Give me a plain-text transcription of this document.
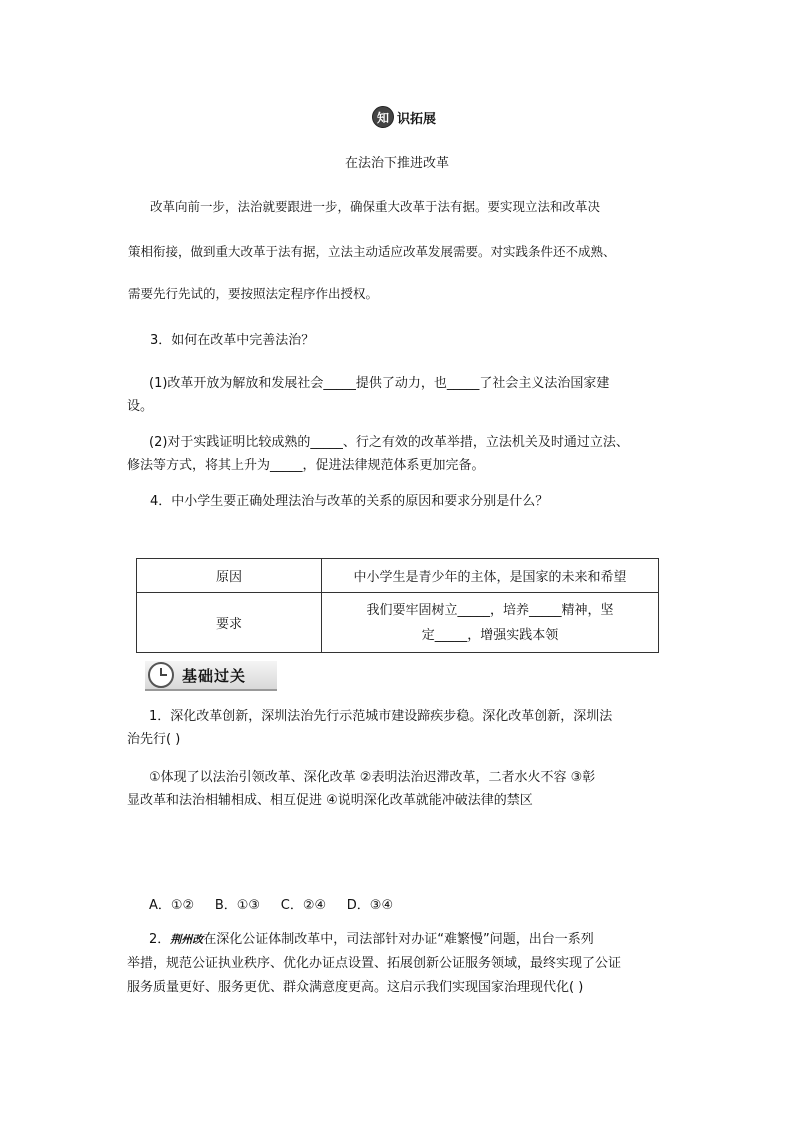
知 识拓展
在法治下推进改革
改革向前一步，法治就要跟进一步，确保重大改革于法有据。要实现立法和改革决
策相衔接，做到重大改革于法有据，立法主动适应改革发展需要。对实践条件还不成熟、
需要先行先试的，要按照法定程序作出授权。
3．如何在改革中完善法治？
(1)改革开放为解放和发展社会_____提供了动力，也_____了社会主义法治国家建
设。
(2)对于实践证明比较成熟的_____、行之有效的改革举措，立法机关及时通过立法、
修法等方式，将其上升为_____，促进法律规范体系更加完备。
4．中小学生要正确处理法治与改革的关系的原因和要求分别是什么？
原因	中小学生是青少年的主体，是国家的未来和希望
要求	我们要牢固树立_____，培养_____精神，坚
定_____，增强实践本领
基础过关
1．深化改革创新，深圳法治先行示范城市建设蹄疾步稳。深化改革创新，深圳法
治先行( )
①体现了以法治引领改革、深化改革 ②表明法治迟滞改革，二者水火不容 ③彰
显改革和法治相辅相成、相互促进 ④说明深化改革就能冲破法律的禁区
A．①②     B．①③     C．②④     D．③④
2．荆州改在深化公证体制改革中，司法部针对办证“难繁慢”问题，出台一系列
举措，规范公证执业秩序、优化办证点设置、拓展创新公证服务领域，最终实现了公证
服务质量更好、服务更优、群众满意度更高。这启示我们实现国家治理现代化( )
